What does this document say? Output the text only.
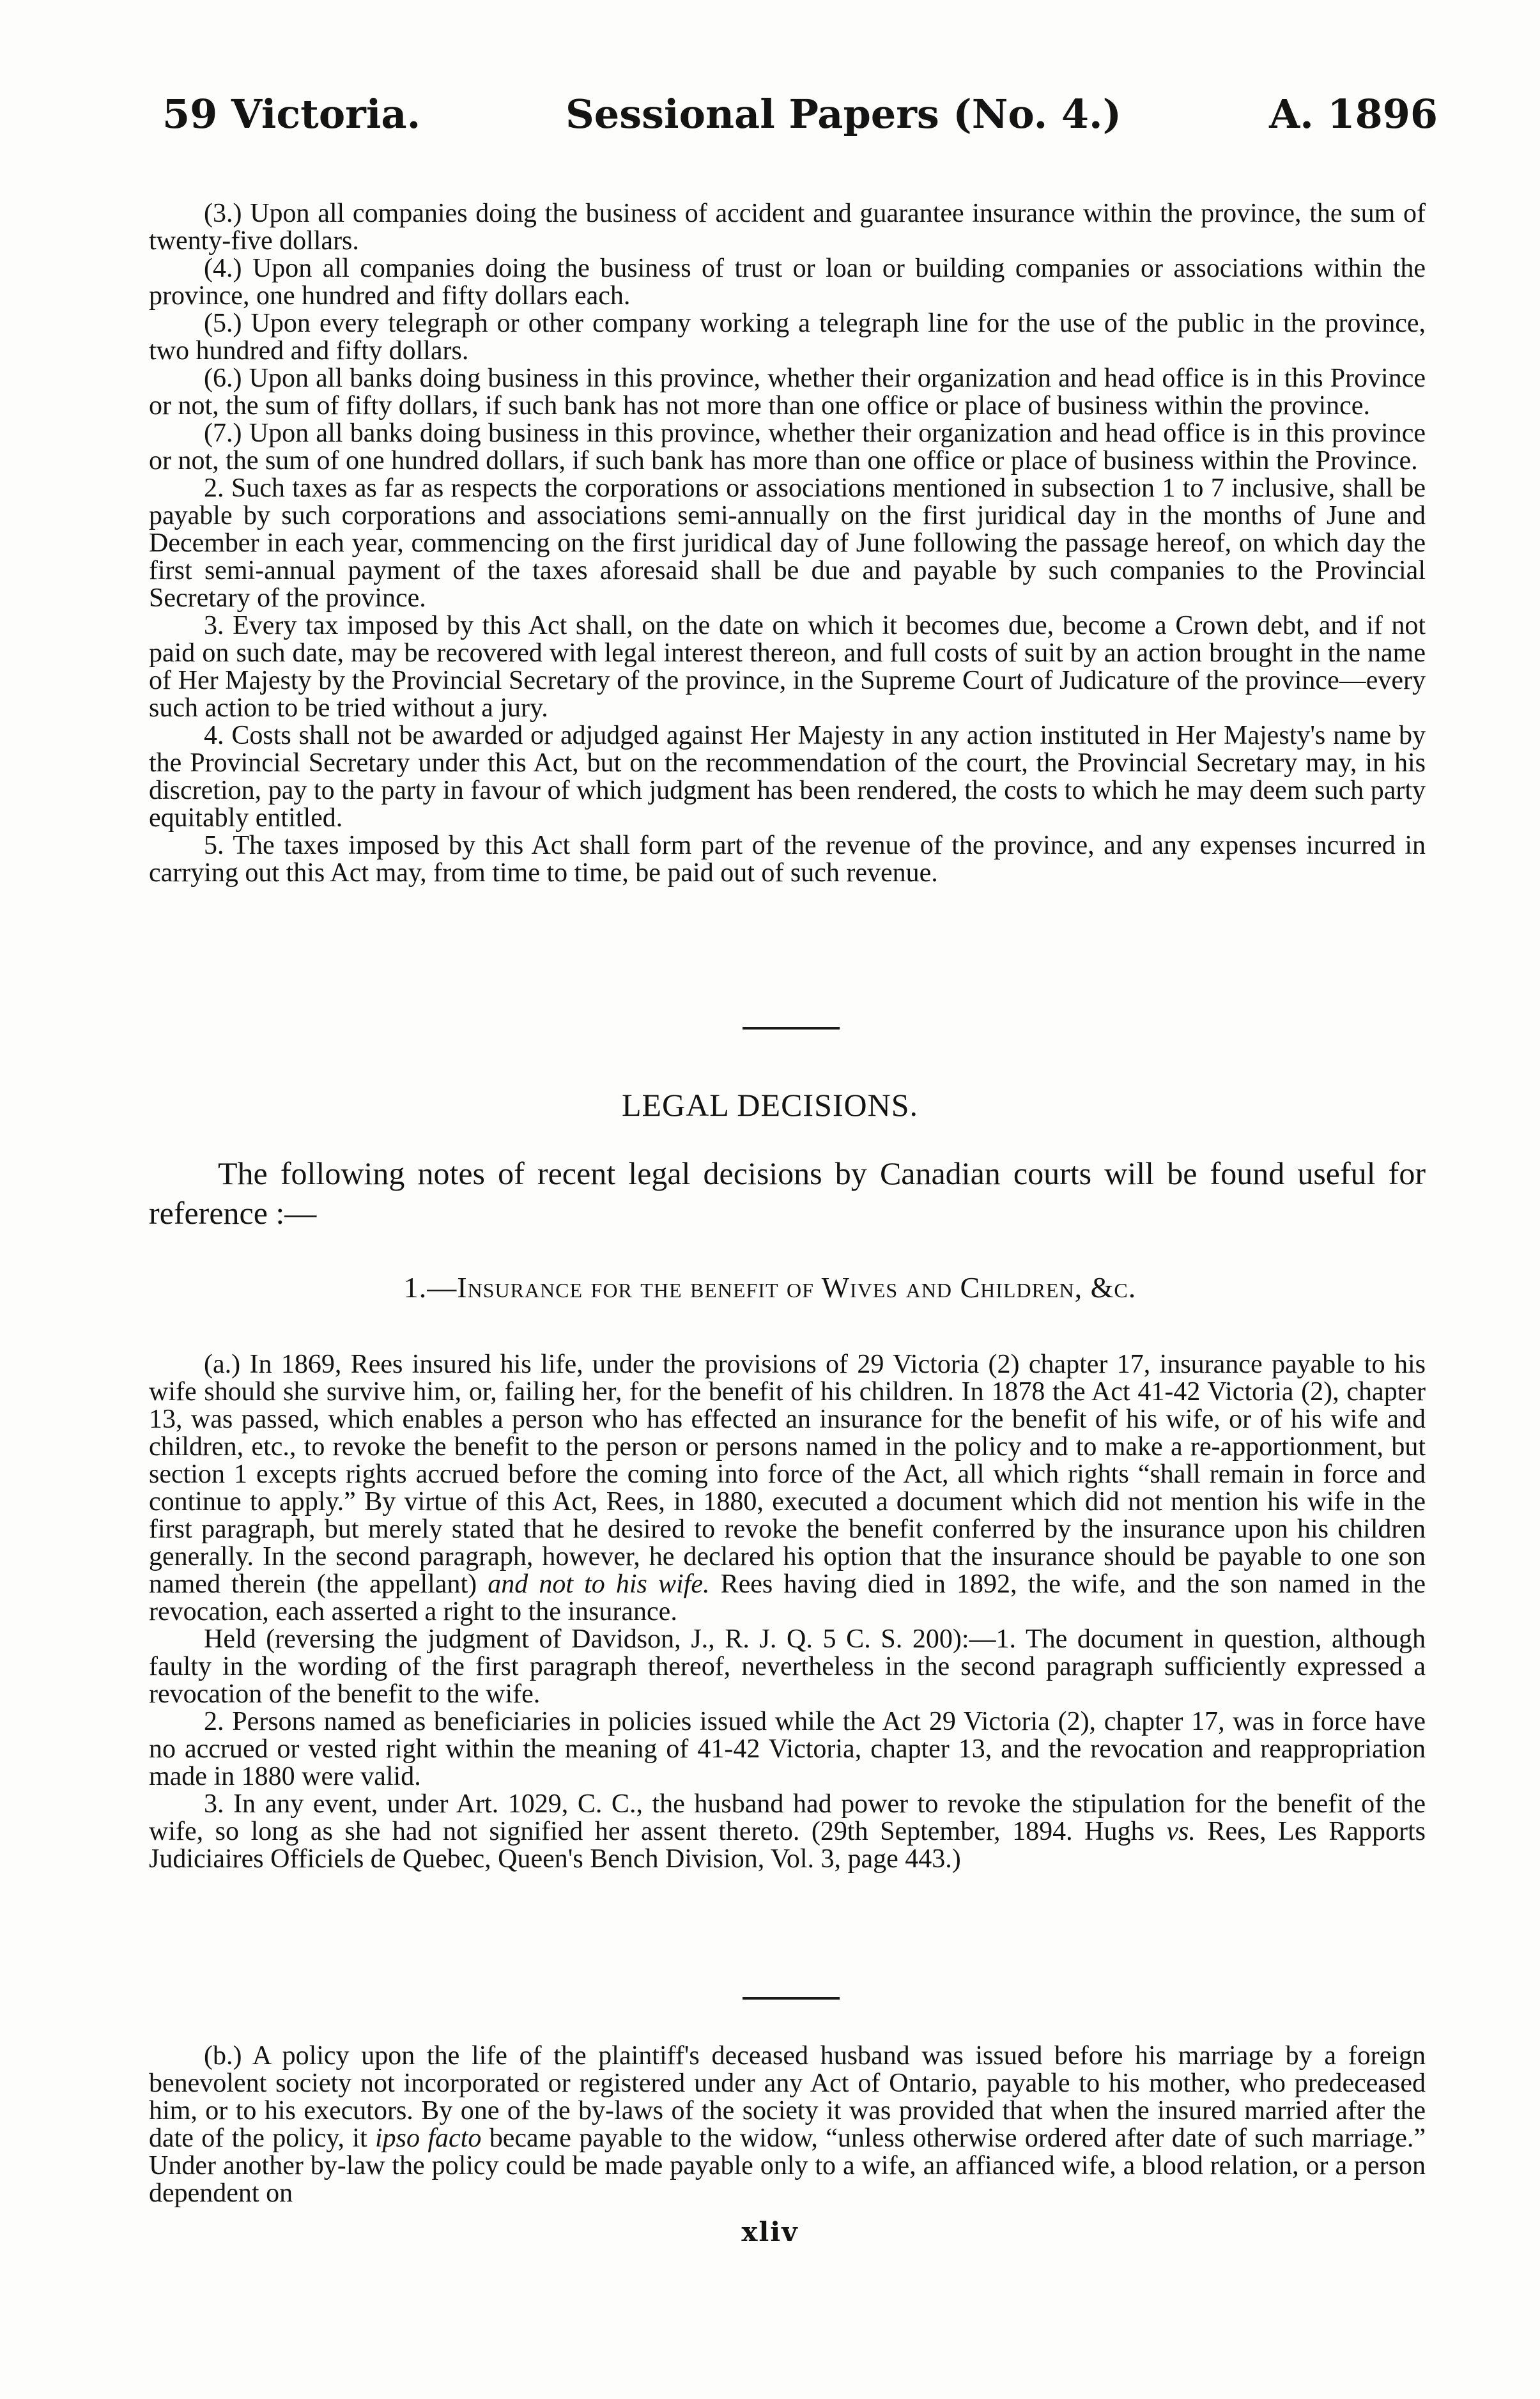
59 Victoria.	Sessional Papers (No. 4.)	A. 1896

(3.) Upon all companies doing the business of accident and guarantee insurance within the province, the sum of twenty-five dollars.

(4.) Upon all companies doing the business of trust or loan or building companies or associations within the province, one hundred and fifty dollars each.

(5.) Upon every telegraph or other company working a telegraph line for the use of the public in the province, two hundred and fifty dollars.

(6.) Upon all banks doing business in this province, whether their organization and head office is in this Province or not, the sum of fifty dollars, if such bank has not more than one office or place of business within the province.

(7.) Upon all banks doing business in this province, whether their organization and head office is in this province or not, the sum of one hundred dollars, if such bank has more than one office or place of business within the Province.

2. Such taxes as far as respects the corporations or associations mentioned in subsection 1 to 7 inclusive, shall be payable by such corporations and associations semi-annually on the first juridical day in the months of June and December in each year, commencing on the first juridical day of June following the passage hereof, on which day the first semi-annual payment of the taxes aforesaid shall be due and payable by such companies to the Provincial Secretary of the province.

3. Every tax imposed by this Act shall, on the date on which it becomes due, become a Crown debt, and if not paid on such date, may be recovered with legal interest thereon, and full costs of suit by an action brought in the name of Her Majesty by the Provincial Secretary of the province, in the Supreme Court of Judicature of the province—every such action to be tried without a jury.

4. Costs shall not be awarded or adjudged against Her Majesty in any action instituted in Her Majesty's name by the Provincial Secretary under this Act, but on the recommendation of the court, the Provincial Secretary may, in his discretion, pay to the party in favour of which judgment has been rendered, the costs to which he may deem such party equitably entitled.

5. The taxes imposed by this Act shall form part of the revenue of the province, and any expenses incurred in carrying out this Act may, from time to time, be paid out of such revenue.

LEGAL DECISIONS.

The following notes of recent legal decisions by Canadian courts will be found useful for reference :—

1.—Insurance for the benefit of Wives and Children, &c.

(a.) In 1869, Rees insured his life, under the provisions of 29 Victoria (2) chapter 17, insurance payable to his wife should she survive him, or, failing her, for the benefit of his children. In 1878 the Act 41-42 Victoria (2), chapter 13, was passed, which enables a person who has effected an insurance for the benefit of his wife, or of his wife and children, etc., to revoke the benefit to the person or persons named in the policy and to make a re-apportionment, but section 1 excepts rights accrued before the coming into force of the Act, all which rights “shall remain in force and continue to apply.” By virtue of this Act, Rees, in 1880, executed a document which did not mention his wife in the first paragraph, but merely stated that he desired to revoke the benefit conferred by the insurance upon his children generally. In the second paragraph, however, he declared his option that the insurance should be payable to one son named therein (the appellant) and not to his wife. Rees having died in 1892, the wife, and the son named in the revocation, each asserted a right to the insurance.

Held (reversing the judgment of Davidson, J., R. J. Q. 5 C. S. 200):—1. The document in question, although faulty in the wording of the first paragraph thereof, nevertheless in the second paragraph sufficiently expressed a revocation of the benefit to the wife.

2. Persons named as beneficiaries in policies issued while the Act 29 Victoria (2), chapter 17, was in force have no accrued or vested right within the meaning of 41-42 Victoria, chapter 13, and the revocation and reappropriation made in 1880 were valid.

3. In any event, under Art. 1029, C. C., the husband had power to revoke the stipulation for the benefit of the wife, so long as she had not signified her assent thereto. (29th September, 1894. Hughs vs. Rees, Les Rapports Judiciaires Officiels de Quebec, Queen's Bench Division, Vol. 3, page 443.)

(b.) A policy upon the life of the plaintiff's deceased husband was issued before his marriage by a foreign benevolent society not incorporated or registered under any Act of Ontario, payable to his mother, who predeceased him, or to his executors. By one of the by-laws of the society it was provided that when the insured married after the date of the policy, it ipso facto became payable to the widow, “unless otherwise ordered after date of such marriage.” Under another by-law the policy could be made payable only to a wife, an affianced wife, a blood relation, or a person dependent on

xliv
